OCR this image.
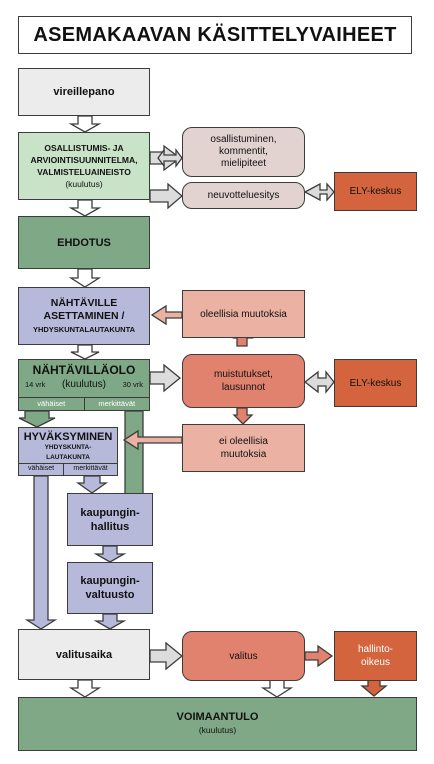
ASEMAKAAVAN KÄSITTELYVAIHEET
vireillepano
OSALLISTUMIS- JA
ARVIOINTISUUNNITELMA,
VALMISTELUAINEISTO
(kuulutus)
EHDOTUS
NÄHTÄVILLE
ASETTAMINEN /
YHDYSKUNTALAUTAKUNTA
NÄHTÄVILLÄOLO
14 vrk (kuulutus) 30 vrk
vähäiset	merkittävät
HYVÄKSYMINEN
YHDYSKUNTA-
LAUTAKUNTA
vähäiset	merkittävät
kaupungin-
hallitus
kaupungin-
valtuusto
valitusaika
VOIMAANTULO
(kuulutus)
osallistuminen,
kommentit,
mielipiteet
neuvotteluesitys	ELY-keskus
oleellisia muutoksia
muistutukset,
lausunnot	ELY-keskus
ei oleellisia
muutoksia
valitus
hallinto-
oikeus
